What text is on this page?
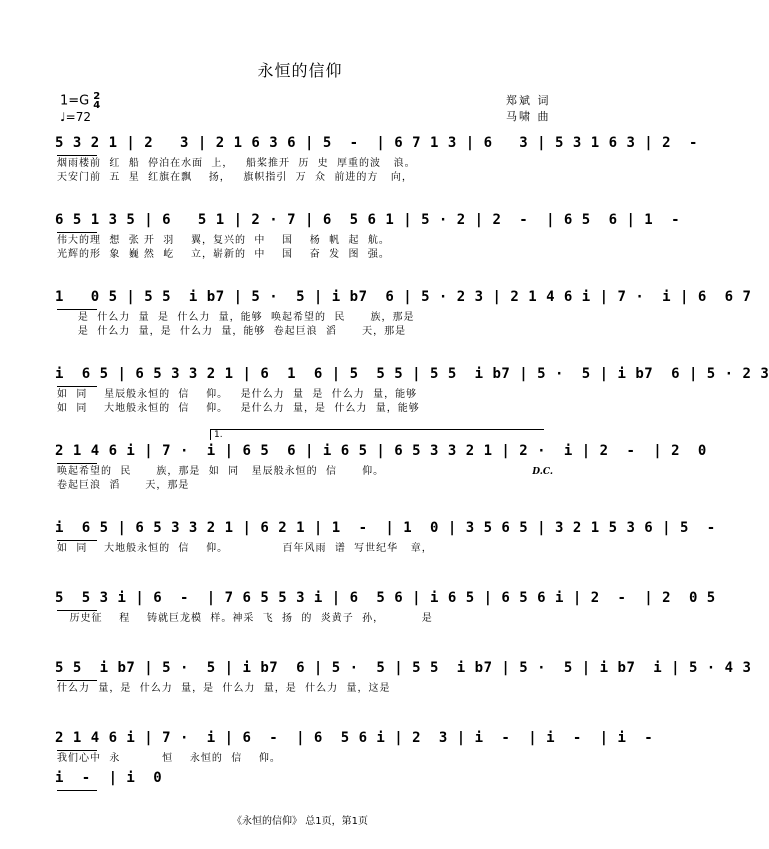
永恒的信仰
1=G 2
4
♩=72
郑斌 词
马啸 曲
5 3 2 1 | 2   3 | 2 1 6 3 6 | 5  -  | 6 7 1 3 | 6   3 | 5 3 1 6 3 | 2  -
烟雨楼前  红  船  停泊在水面  上，   船桨推开  历  史  厚重的波   浪。
天安门前  五  星  红旗在飘    扬，   旗帜指引  万  众  前进的方   向，
6 5 1 3 5 | 6   5 1 | 2 · 7 | 6  5 6 1 | 5 · 2 | 2  -  | 6 5  6 | 1  -
伟大的理  想  张 开  羽    翼，复兴的  中    国    杨  帆  起  航。
光辉的形  象  巍 然  屹    立，崭新的  中    国    奋  发  图  强。
1   0 5 | 5 5  i b7 | 5 ·  5 | i b7  6 | 5 · 2 3 | 2 1 4 6 i | 7 ·  i | 6  6 7
是  什么力  量  是  什么力  量，能够  唤起希望的  民      族，那是
是  什么力  量，是  什么力  量，能够  卷起巨浪  滔      天，那是
i  6 5 | 6 5 3 3 2 1 | 6  1  6 | 5  5 5 | 5 5  i b7 | 5 ·  5 | i b7  6 | 5 · 2 3
如  同    星辰般永恒的  信    仰。   是什么力  量  是  什么力  量，能够
如  同    大地般永恒的  信    仰。   是什么力  量，是  什么力  量，能够
2 1 4 6 i | 7 ·  i | 6 5  6 | i 6 5 | 6 5 3 3 2 1 | 2 ·  i | 2  -  | 2  0
1.
D.C.
唤起希望的  民      族，那是  如  同   星辰般永恒的  信      仰。
卷起巨浪  滔      天，那是
i  6 5 | 6 5 3 3 2 1 | 6 2 1 | 1  -  | 1  0 | 3 5 6 5 | 3 2 1 5 3 6 | 5  -
如  同    大地般永恒的  信    仰。             百年风雨  谱  写世纪华   章，
5  5 3 i | 6  -  | 7 6 5 5 3 i | 6  5 6 | i 6 5 | 6 5 6 i | 2  -  | 2  0 5
历史征    程    铸就巨龙模  样。神采  飞  扬  的  炎黄子  孙，         是
5 5  i b7 | 5 ·  5 | i b7  6 | 5 ·  5 | 5 5  i b7 | 5 ·  5 | i b7  i | 5 · 4 3
什么力  量，是  什么力  量，是  什么力  量，是  什么力  量，这是
2 1 4 6 i | 7 ·  i | 6  -  | 6  5 6 i | 2  3 | i  -  | i  -  | i  -
我们心中  永          恒    永恒的  信    仰。
i  -  | i  0
《永恒的信仰》 总1页，第1页
